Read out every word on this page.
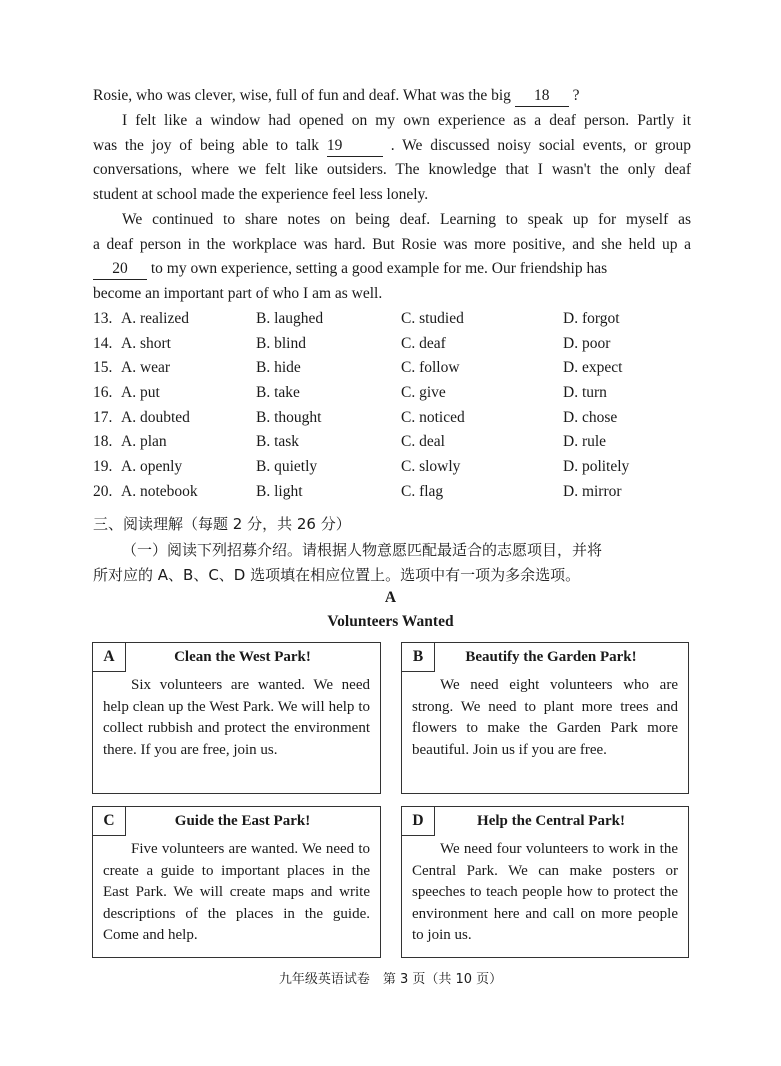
Rosie, who was clever, wise, full of fun and deaf. What was the big 18 ?
I felt like a window had opened on my own experience as a deaf person. Partly it
was the joy of being able to talk 19	. We discussed noisy social events, or group
conversations, where we felt like outsiders. The knowledge that I wasn't the only deaf
student at school made the experience feel less lonely.
We continued to share notes on being deaf. Learning to speak up for myself as
a deaf person in the workplace was hard. But Rosie was more positive, and she held up a
20 to my own experience, setting a good example for me. Our friendship has
become an important part of who I am as well.
13. A. realized	B. laughed	C. studied	D. forgot
14. A. short	B. blind	C. deaf	D. poor
15. A. wear	B. hide	C. follow	D. expect
16. A. put	B. take	C. give	D. turn
17. A. doubted	B. thought	C. noticed	D. chose
18. A. plan	B. task	C. deal	D. rule
19. A. openly	B. quietly	C. slowly	D. politely
20. A. notebook	B. light	C. flag	D. mirror
三、阅读理解（每题 2 分，共 26 分）
（一）阅读下列招募介绍。请根据人物意愿匹配最适合的志愿项目，并将
所对应的 A、B、C、D 选项填在相应位置上。选项中有一项为多余选项。
A
Volunteers Wanted
A	Clean the West Park!
Six volunteers are wanted. We need help clean up the West Park. We will help to collect rubbish and protect the environment there. If you are free, join us.
B	Beautify the Garden Park!
We need eight volunteers who are strong. We need to plant more trees and flowers to make the Garden Park more beautiful. Join us if you are free.
C	Guide the East Park!
Five volunteers are wanted. We need to create a guide to important places in the East Park. We will create maps and write descriptions of the places in the guide. Come and help.
D	Help the Central Park!
We need four volunteers to work in the Central Park. We can make posters or speeches to teach people how to protect the environment here and call on more people to join us.
九年级英语试卷　第 3 页（共 10 页）
